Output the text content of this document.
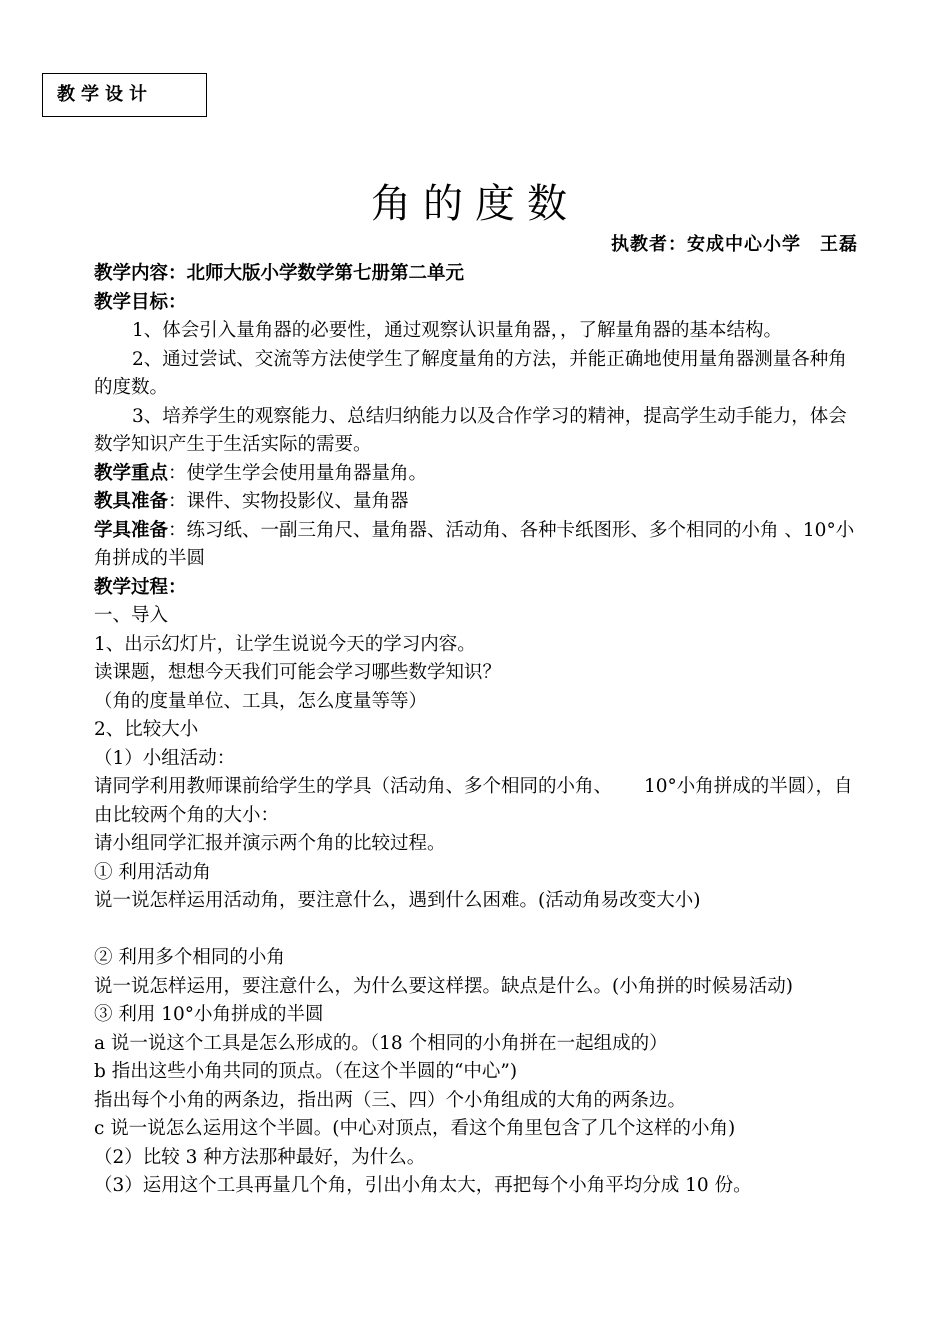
教学设计
角的度数
执教者：安成中心小学　王磊

教学内容：北师大版小学数学第七册第二单元

教学目标：

1、体会引入量角器的必要性，通过观察认识量角器，，了解量角器的基本结构。

2、通过尝试、交流等方法使学生了解度量角的方法，并能正确地使用量角器测量各种角的度数。

3、培养学生的观察能力、总结归纳能力以及合作学习的精神，提高学生动手能力，体会数学知识产生于生活实际的需要。

教学重点：使学生学会使用量角器量角。

教具准备：课件、实物投影仪、量角器

学具准备：练习纸、一副三角尺、量角器、活动角、各种卡纸图形、多个相同的小角 、10°小角拼成的半圆

教学过程：

一、导入

1、出示幻灯片，让学生说说今天的学习内容。

读课题，想想今天我们可能会学习哪些数学知识？

（角的度量单位、工具，怎么度量等等）

2、比较大小

（1）小组活动：

请同学利用教师课前给学生的学具（活动角、多个相同的小角、 10°小角拼成的半圆），自由比较两个角的大小：

请小组同学汇报并演示两个角的比较过程。

① 利用活动角

说一说怎样运用活动角，要注意什么，遇到什么困难。(活动角易改变大小)

② 利用多个相同的小角

说一说怎样运用，要注意什么，为什么要这样摆。缺点是什么。(小角拼的时候易活动)

③ 利用 10°小角拼成的半圆

a 说一说这个工具是怎么形成的。（18 个相同的小角拼在一起组成的）

b 指出这些小角共同的顶点。（在这个半圆的“中心”)

指出每个小角的两条边，指出两（三、四）个小角组成的大角的两条边。

c 说一说怎么运用这个半圆。(中心对顶点，看这个角里包含了几个这样的小角)

（2）比较 3 种方法那种最好，为什么。

（3）运用这个工具再量几个角，引出小角太大，再把每个小角平均分成 10 份。
